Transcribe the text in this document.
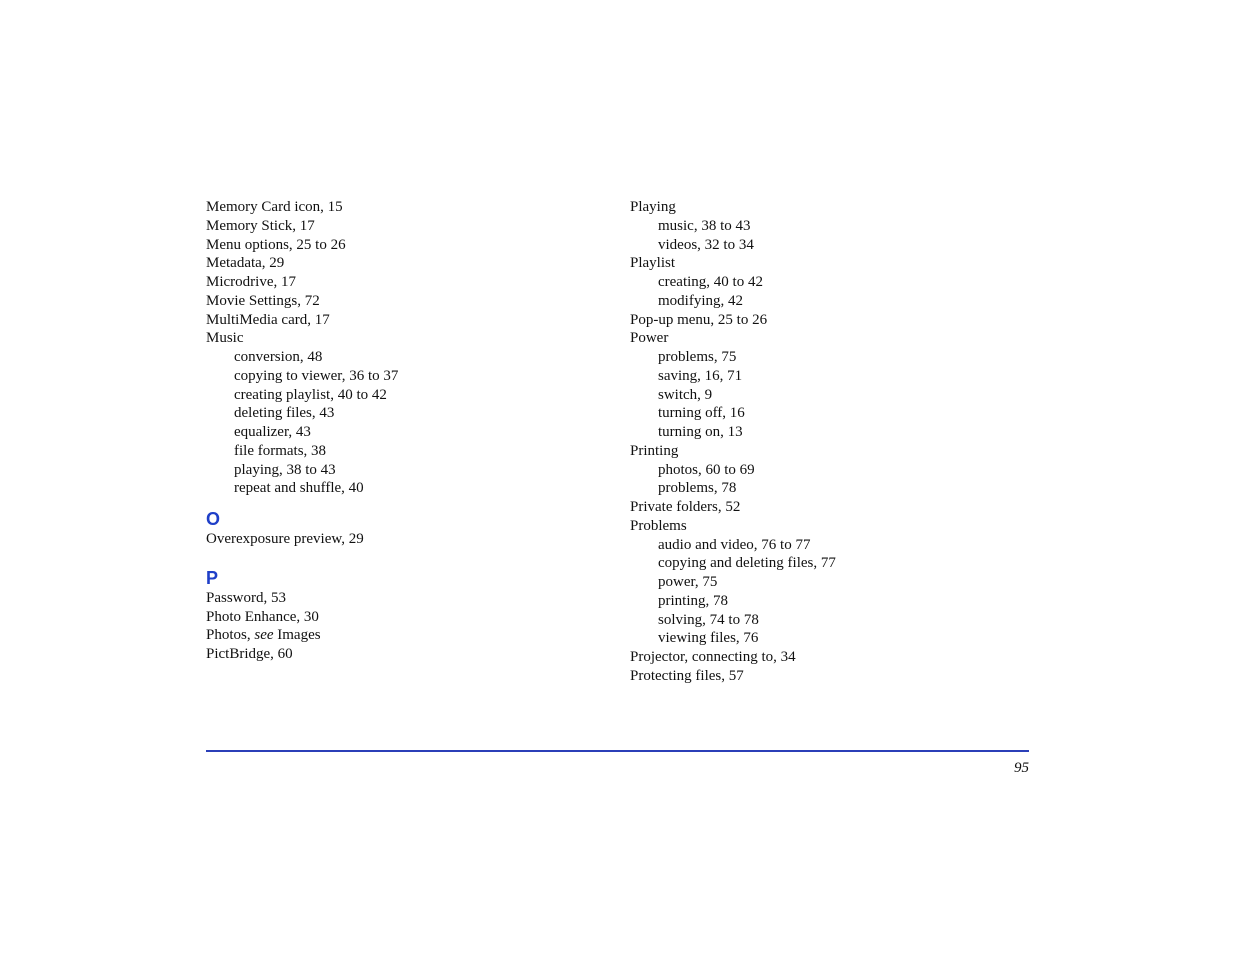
Memory Card icon, 15

Memory Stick, 17

Menu options, 25 to 26

Metadata, 29

Microdrive, 17

Movie Settings, 72

MultiMedia card, 17

Music

conversion, 48

copying to viewer, 36 to 37

creating playlist, 40 to 42

deleting files, 43

equalizer, 43

file formats, 38

playing, 38 to 43

repeat and shuffle, 40

O

Overexposure preview, 29

P

Password, 53

Photo Enhance, 30

Photos, see Images

PictBridge, 60

Playing

music, 38 to 43

videos, 32 to 34

Playlist

creating, 40 to 42

modifying, 42

Pop-up menu, 25 to 26

Power

problems, 75

saving, 16, 71

switch, 9

turning off, 16

turning on, 13

Printing

photos, 60 to 69

problems, 78

Private folders, 52

Problems

audio and video, 76 to 77

copying and deleting files, 77

power, 75

printing, 78

solving, 74 to 78

viewing files, 76

Projector, connecting to, 34

Protecting files, 57

95
